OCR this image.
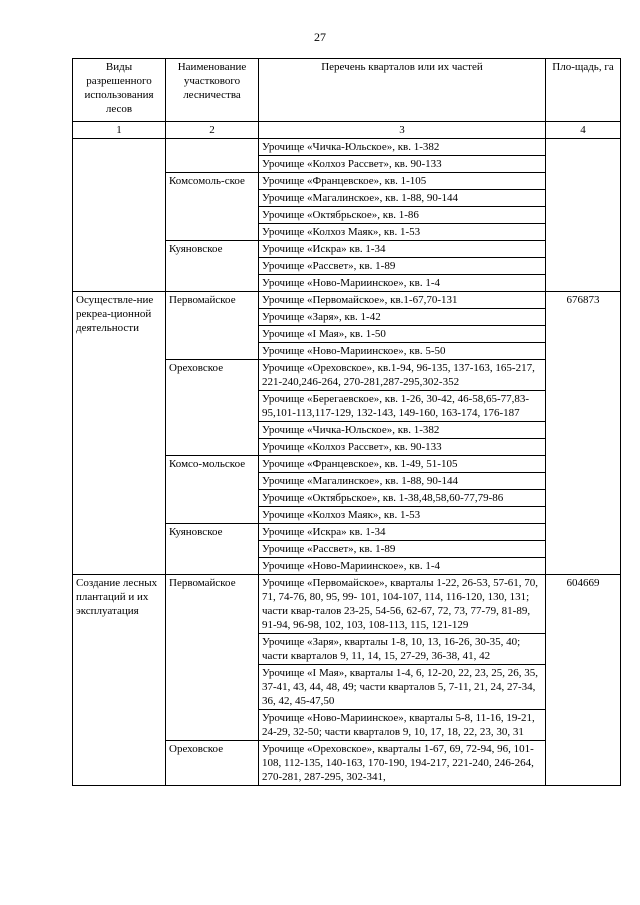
27
Виды разрешенного использования лесов	Наименование участкового лесничества	Перечень кварталов или их частей	Пло-щадь, га
1	2	3	4
		Урочище «Чичка-Юльское», кв. 1-382	
		Урочище «Колхоз Рассвет», кв. 90-133	
	Комсомоль-ское	Урочище «Францевское», кв. 1-105	
		Урочище «Магалинское», кв. 1-88, 90-144	
		Урочище «Октябрьское», кв. 1-86	
		Урочище «Колхоз Маяк», кв. 1-53	
	Куяновское	Урочище «Искра» кв. 1-34	
		Урочище «Рассвет», кв. 1-89	
		Урочище «Ново-Мариинское», кв. 1-4	
Осуществле-ние рекреа-ционной деятельности	Первомайское	Урочище «Первомайское», кв.1-67,70-131	676873
		Урочище «Заря», кв. 1-42	
		Урочище «I Мая», кв. 1-50	
		Урочище «Ново-Мариинское», кв. 5-50	
	Ореховское	Урочище «Ореховское», кв.1-94, 96-135, 137-163, 165-217, 221-240,246-264, 270-281,287-295,302-352	
		Урочище «Берегаевское», кв. 1-26, 30-42, 46-58,65-77,83-95,101-113,117-129, 132-143, 149-160, 163-174, 176-187	
		Урочище «Чичка-Юльское», кв. 1-382	
		Урочище «Колхоз Рассвет», кв. 90-133	
	Комсо-мольское	Урочище «Францевское», кв. 1-49, 51-105	
		Урочище «Магалинское», кв. 1-88, 90-144	
		Урочище «Октябрьское», кв. 1-38,48,58,60-77,79-86	
		Урочище «Колхоз Маяк», кв. 1-53	
	Куяновское	Урочище «Искра» кв. 1-34	
		Урочище «Рассвет», кв. 1-89	
		Урочище «Ново-Мариинское», кв. 1-4	
Создание лесных плантаций и их эксплуатация	Первомайское	Урочище «Первомайское», кварталы 1-22, 26-53, 57-61, 70, 71, 74-76, 80, 95, 99- 101, 104-107, 114, 116-120, 130, 131; части квар-талов 23-25, 54-56, 62-67, 72, 73, 77-79, 81-89, 91-94, 96-98, 102, 103, 108-113, 115, 121-129	604669
		Урочище «Заря», кварталы 1-8, 10, 13, 16-26, 30-35, 40; части кварталов 9, 11, 14, 15, 27-29, 36-38, 41, 42	
		Урочище «I Мая», кварталы 1-4, 6, 12-20, 22, 23, 25, 26, 35, 37-41, 43, 44, 48, 49; части кварталов 5, 7-11, 21, 24, 27-34, 36, 42, 45-47,50	
		Урочище «Ново-Мариинское», кварталы 5-8, 11-16, 19-21, 24-29, 32-50; части кварталов 9, 10, 17, 18, 22, 23, 30, 31	
	Ореховское	Урочище «Ореховское», кварталы 1-67, 69, 72-94, 96, 101-108, 112-135, 140-163, 170-190, 194-217, 221-240, 246-264, 270-281, 287-295, 302-341,	
